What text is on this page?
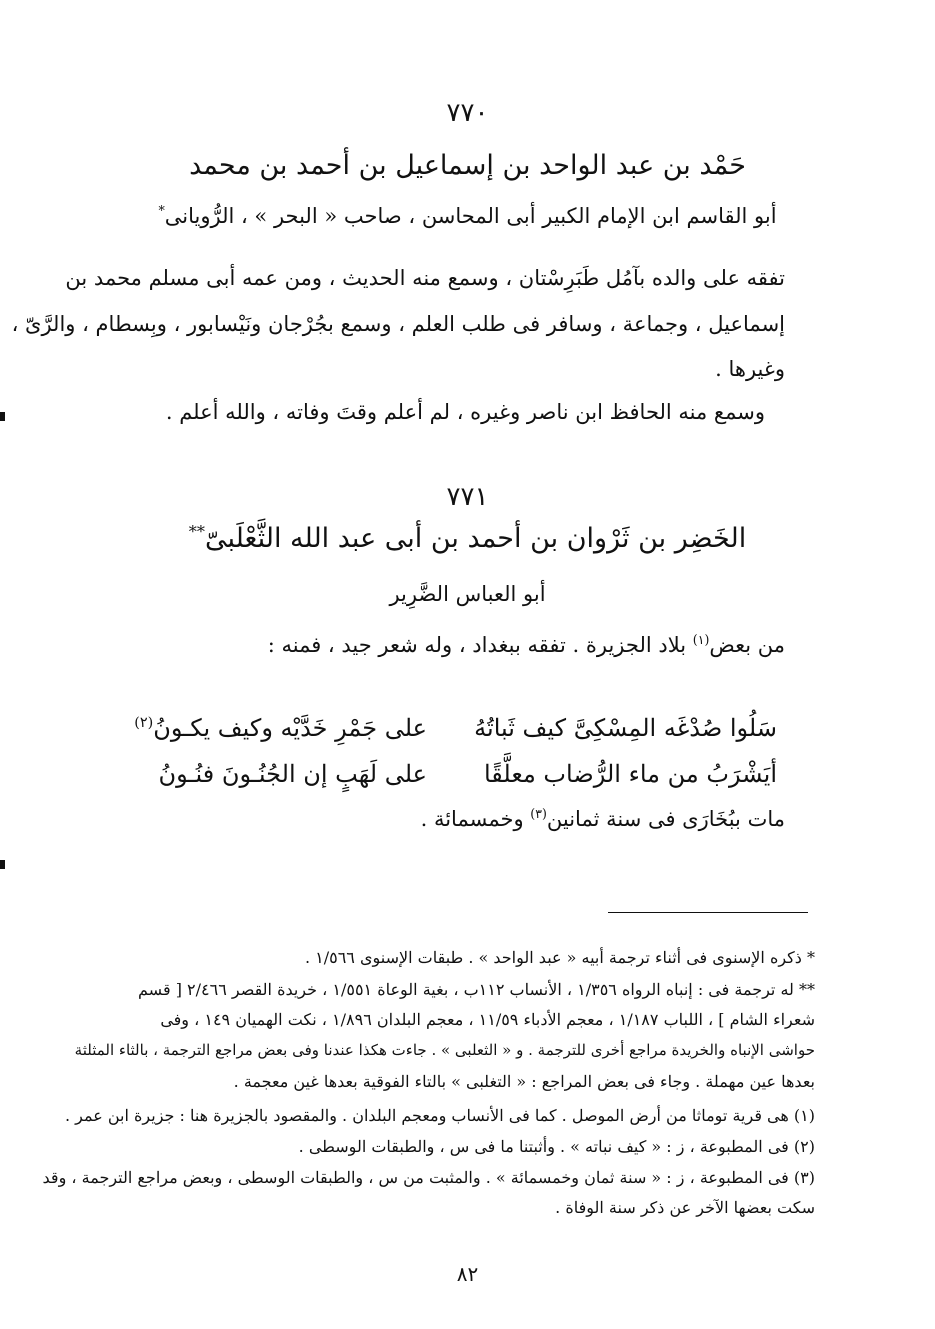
٧٧٠
حَمْد بن عبد الواحد بن إسماعيل بن أحمد بن محمد
أبو القاسم ابن الإمام الكبير أبى المحاسن ، صاحب « البحر » ، الرُّويانى*
تفقه على والده بآمُل طَبَرِسْتان ، وسمع منه الحديث ، ومن عمه أبى مسلم محمد بن
إسماعيل ، وجماعة ، وسافر فى طلب العلم ، وسمع بجُرْجان ونَيْسابور ، وبِسطام ، والرَّىّ ،
وغيرها .
وسمع منه الحافظ ابن ناصر وغيره ، لم أعلم وقتَ وفاته ، والله أعلم .
٧٧١
الخَضِر بن ثَرْوان بن أحمد بن أبى عبد الله الثَّعْلَبىّ**
أبو العباس الضَّرِير
من بعض$^{(١)}$ بلاد الجزيرة . تفقه ببغداد ، وله شعر جيد ، فمنه :
سَلُوا صُدْغَه المِسْكِىَّ كيف ثَباتُهُ
على جَمْرِ خَدَّيْه وكيف يكـونُ$^{(٢)}$
أيَشْرَبُ من ماء الرُّضاب معلَّقًا
على لَهَبٍ إن الجُنُـونَ فنُـونُ
مات ببُخَارَى فى سنة ثمانين$^{(٣)}$ وخمسمائة .
* ذكره الإسنوى فى أثناء ترجمة أبيه « عبد الواحد » . طبقات الإسنوى ١/٥٦٦ .
** له ترجمة فى : إنباه الرواه ١/٣٥٦ ، الأنساب ١١٢ب ، بغية الوعاة ١/٥٥١ ، خريدة القصر ٢/٤٦٦ [ قسم
شعراء الشام ] ، اللباب ١/١٨٧ ، معجم الأدباء ١١/٥٩ ، معجم البلدان ١/٨٩٦ ، نكت الهميان ١٤٩ ، وفى
حواشى الإنباه والخريدة مراجع أخرى للترجمة . و « الثعلبى » . جاءت هكذا عندنا وفى بعض مراجع الترجمة ، بالثاء المثلثة
بعدها عين مهملة . وجاء فى بعض المراجع : « التغلبى » بالتاء الفوقية بعدها غين معجمة .
(١) هى قرية توماثا من أرض الموصل . كما فى الأنساب ومعجم البلدان . والمقصود بالجزيرة هنا : جزيرة ابن عمر .
(٢) فى المطبوعة ، ز : « كيف نباته » . وأثبتنا ما فى س ، والطبقات الوسطى .
(٣) فى المطبوعة ، ز : « سنة ثمان وخمسمائة » . والمثبت من س ، والطبقات الوسطى ، وبعض مراجع الترجمة ، وقد
سكت بعضها الآخر عن ذكر سنة الوفاة .
٨٢
